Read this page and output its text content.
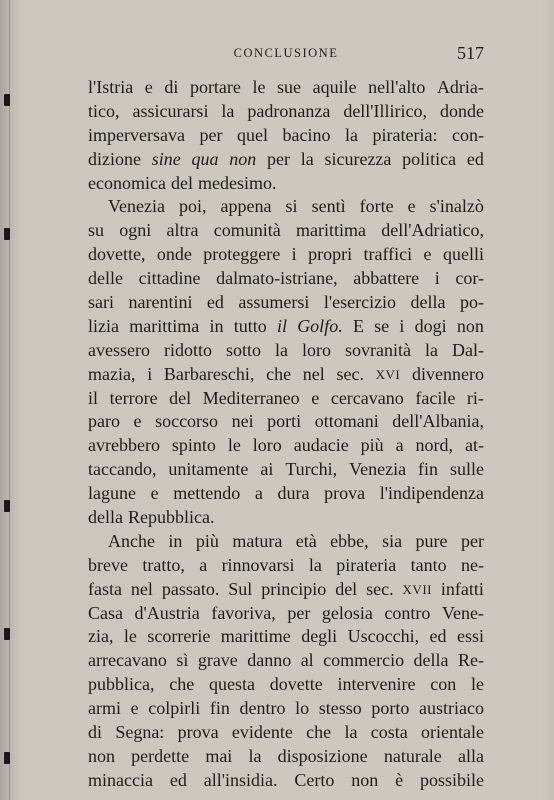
CONCLUSIONE	517
l'Istria e di portare le sue aquile nell'alto Adria-
tico, assicurarsi la padronanza dell'Illirico, donde
imperversava per quel bacino la pirateria: con-
dizione sine qua non per la sicurezza politica ed
economica del medesimo.
Venezia poi, appena si sentì forte e s'inalzò
su ogni altra comunità marittima dell'Adriatico,
dovette, onde proteggere i propri traffici e quelli
delle cittadine dalmato-istriane, abbattere i cor-
sari narentini ed assumersi l'esercizio della po-
lizia marittima in tutto il Golfo. E se i dogi non
avessero ridotto sotto la loro sovranità la Dal-
mazia, i Barbareschi, che nel sec. XVI divennero
il terrore del Mediterraneo e cercavano facile ri-
paro e soccorso nei porti ottomani dell'Albania,
avrebbero spinto le loro audacie più a nord, at-
taccando, unitamente ai Turchi, Venezia fin sulle
lagune e mettendo a dura prova l'indipendenza
della Repubblica.
Anche in più matura età ebbe, sia pure per
breve tratto, a rinnovarsi la pirateria tanto ne-
fasta nel passato. Sul principio del sec. XVII infatti
Casa d'Austria favoriva, per gelosia contro Vene-
zia, le scorrerie marittime degli Uscocchi, ed essi
arrecavano sì grave danno al commercio della Re-
pubblica, che questa dovette intervenire con le
armi e colpirli fin dentro lo stesso porto austriaco
di Segna: prova evidente che la costa orientale
non perdette mai la disposizione naturale alla
minaccia ed all'insidia. Certo non è possibile
